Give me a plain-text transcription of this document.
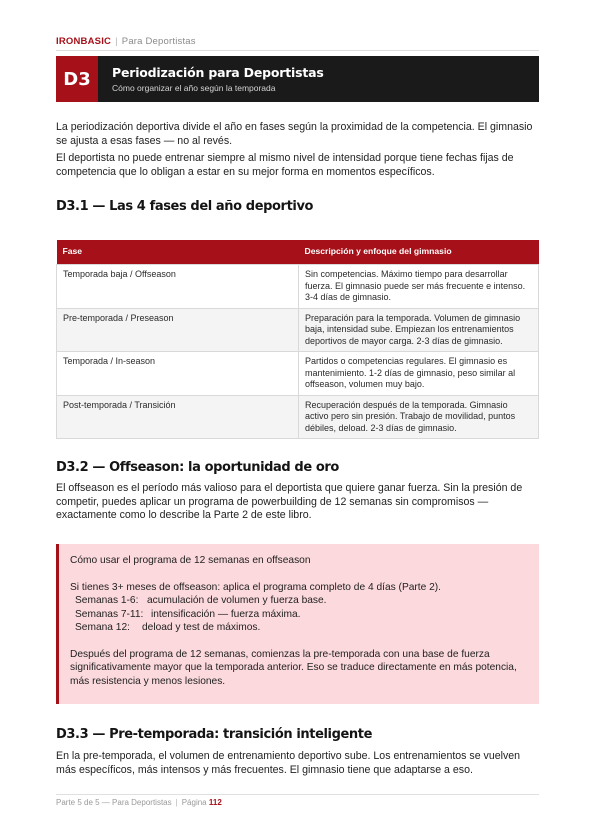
IRONBASIC | Para Deportistas
D3	Periodización para Deportistas
Cómo organizar el año según la temporada
La periodización deportiva divide el año en fases según la proximidad de la competencia. El gimnasio se ajusta a esas fases — no al revés.
El deportista no puede entrenar siempre al mismo nivel de intensidad porque tiene fechas fijas de competencia que lo obligan a estar en su mejor forma en momentos específicos.
D3.1 — Las 4 fases del año deportivo
Fase	Descripción y enfoque del gimnasio
Temporada baja / Offseason	Sin competencias. Máximo tiempo para desarrollar fuerza. El gimnasio puede ser más frecuente e intenso. 3-4 días de gimnasio.
Pre-temporada / Preseason	Preparación para la temporada. Volumen de gimnasio baja, intensidad sube. Empiezan los entrenamientos deportivos de mayor carga. 2-3 días de gimnasio.
Temporada / In-season	Partidos o competencias regulares. El gimnasio es mantenimiento. 1-2 días de gimnasio, peso similar al offseason, volumen muy bajo.
Post-temporada / Transición	Recuperación después de la temporada. Gimnasio activo pero sin presión. Trabajo de movilidad, puntos débiles, deload. 2-3 días de gimnasio.
D3.2 — Offseason: la oportunidad de oro
El offseason es el período más valioso para el deportista que quiere ganar fuerza. Sin la presión de competir, puedes aplicar un programa de powerbuilding de 12 semanas sin compromisos — exactamente como lo describe la Parte 2 de este libro.
Cómo usar el programa de 12 semanas en offseason
Si tienes 3+ meses de offseason: aplica el programa completo de 4 días (Parte 2).
Semanas 1-6: acumulación de volumen y fuerza base.
Semanas 7-11: intensificación — fuerza máxima.
Semana 12: deload y test de máximos.
Después del programa de 12 semanas, comienzas la pre-temporada con una base de fuerza significativamente mayor que la temporada anterior. Eso se traduce directamente en más potencia, más resistencia y menos lesiones.
D3.3 — Pre-temporada: transición inteligente
En la pre-temporada, el volumen de entrenamiento deportivo sube. Los entrenamientos se vuelven más específicos, más intensos y más frecuentes. El gimnasio tiene que adaptarse a eso.
Parte 5 de 5 — Para Deportistas | Página 112
